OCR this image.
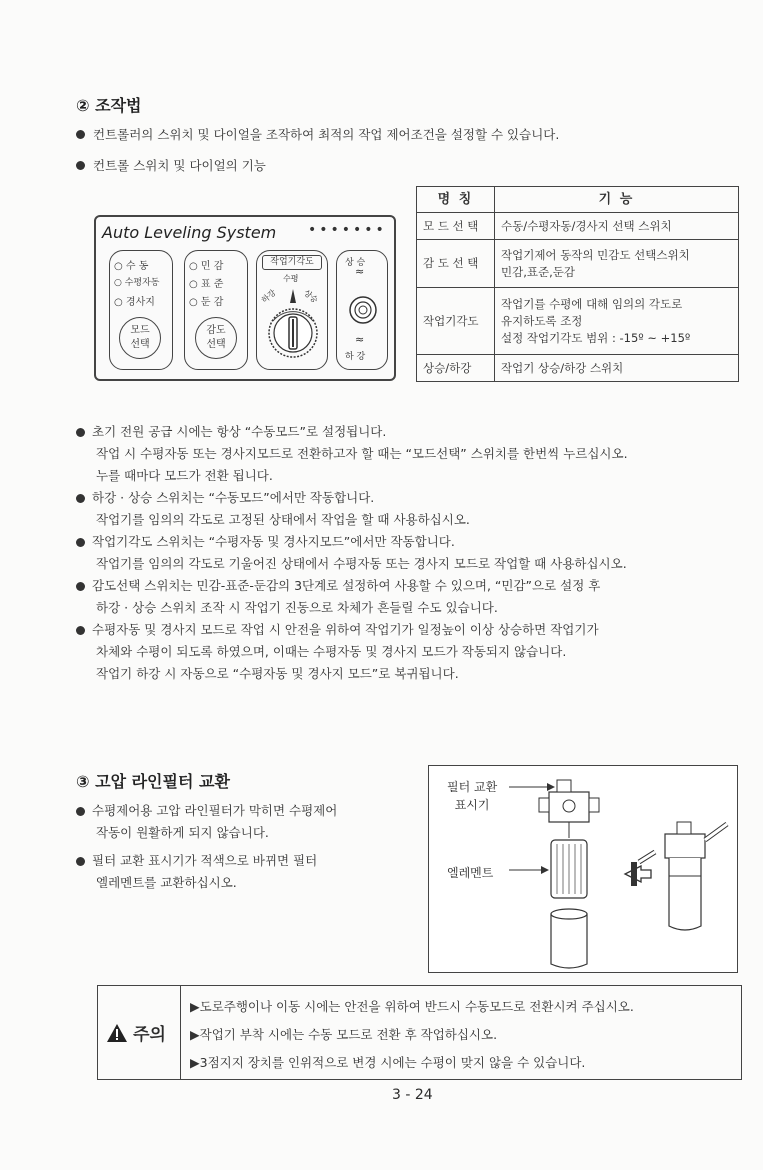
② 조작법
컨트롤러의 스위치 및 다이얼을 조작하여 최적의 작업 제어조건을 설정할 수 있습니다.
컨트롤 스위치 및 다이얼의 기능
Auto Leveling System •••••••
○ 수 동
○ 수평자동
○ 경사지
모드
선택
○ 민 감
○ 표 준
○ 둔 감
감도
선택
작업기각도
수평
하강	상승
상 승
≈
≈
하 강
명 칭	기 능
모 드 선 택	수동/수평자동/경사지 선택 스위치

감 도 선 택	작업기제어 동작의 민감도 선택스위치
민감,표준,둔감

작업기각도	작업기를 수평에 대해 임의의 각도로
유지하도록 조정
설정 작업기각도 범위 : -15º ~ +15º

상승/하강	작업기 상승/하강 스위치
초기 전원 공급 시에는 항상 “수동모드”로 설정됩니다.
작업 시 수평자동 또는 경사지모드로 전환하고자 할 때는 “모드선택” 스위치를 한번씩 누르십시오.
누를 때마다 모드가 전환 됩니다.
하강 · 상승 스위치는 “수동모드”에서만 작동합니다.
작업기를 임의의 각도로 고정된 상태에서 작업을 할 때 사용하십시오.
작업기각도 스위치는 “수평자동 및 경사지모드”에서만 작동합니다.
작업기를 임의의 각도로 기울어진 상태에서 수평자동 또는 경사지 모드로 작업할 때 사용하십시오.
감도선택 스위치는 민감-표준-둔감의 3단계로 설정하여 사용할 수 있으며, “민감”으로 설정 후
하강 · 상승 스위치 조작 시 작업기 진동으로 차체가 흔들릴 수도 있습니다.
수평자동 및 경사지 모드로 작업 시 안전을 위하여 작업기가 일정높이 이상 상승하면 작업기가
차체와 수평이 되도록 하였으며, 이때는 수평자동 및 경사지 모드가 작동되지 않습니다.
작업기 하강 시 자동으로 “수평자동 및 경사지 모드”로 복귀됩니다.
③ 고압 라인필터 교환
수평제어용 고압 라인필터가 막히면 수평제어
작동이 원활하게 되지 않습니다.
필터 교환 표시기가 적색으로 바뀌면 필터
엘레멘트를 교환하십시오.
필터 교환
표시기
엘레멘트
주의
▶도로주행이나 이동 시에는 안전을 위하여 반드시 수동모드로 전환시켜 주십시오.
▶작업기 부착 시에는 수동 모드로 전환 후 작업하십시오.
▶3점지지 장치를 인위적으로 변경 시에는 수평이 맞지 않을 수 있습니다.
3 - 24
